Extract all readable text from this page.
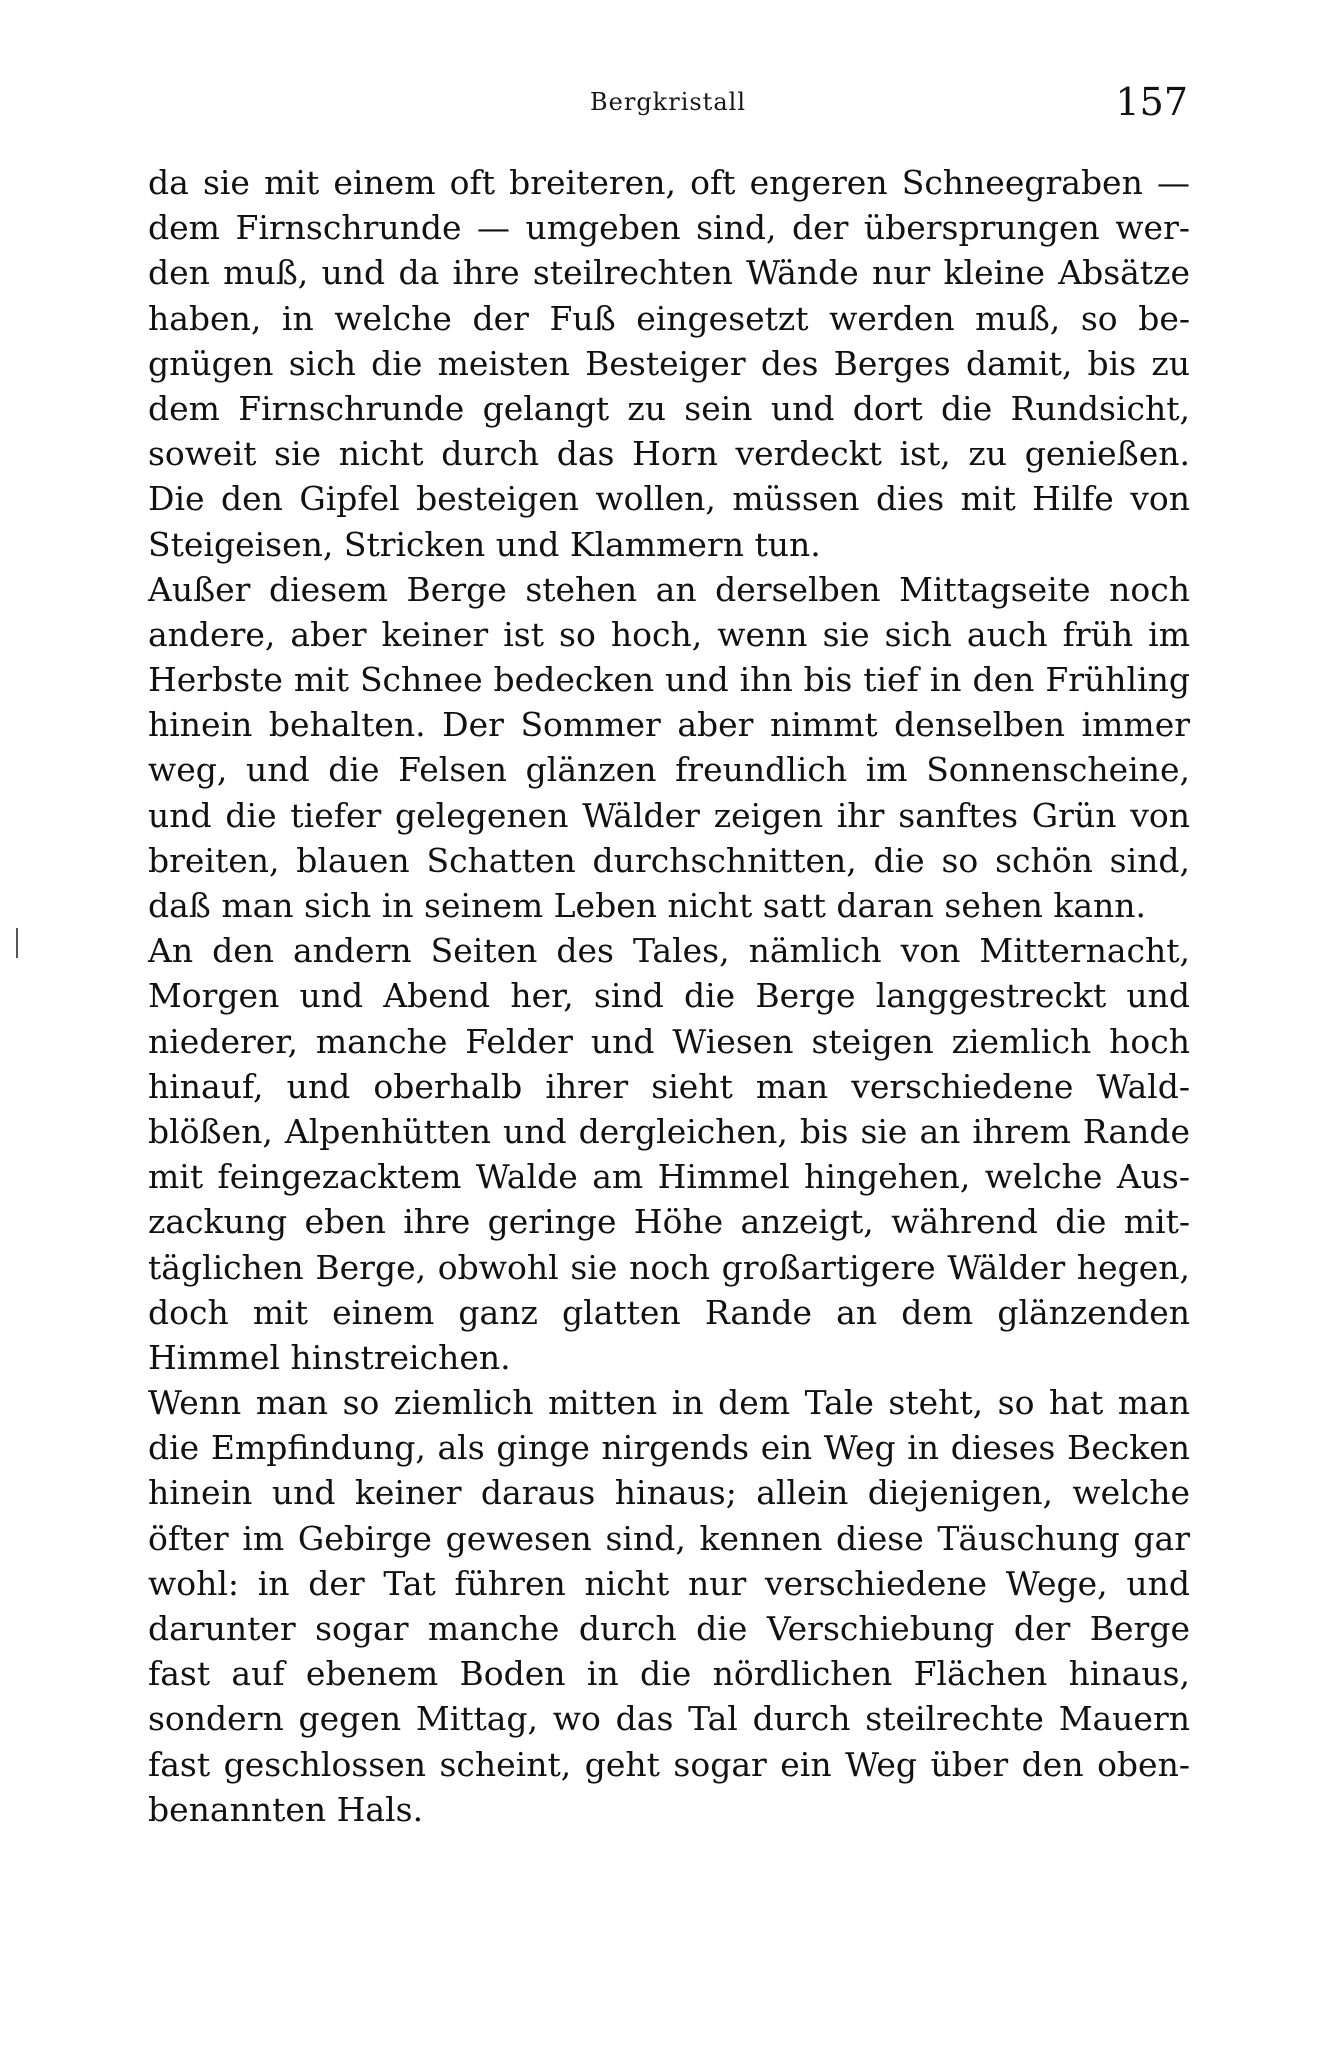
Bergkristall	157
da sie mit einem oft breiteren, oft engeren Schneegraben —
dem Firnschrunde — umgeben sind, der übersprungen wer-
den muß, und da ihre steilrechten Wände nur kleine Absätze
haben, in welche der Fuß eingesetzt werden muß, so be-
gnügen sich die meisten Besteiger des Berges damit, bis zu
dem Firnschrunde gelangt zu sein und dort die Rundsicht,
soweit sie nicht durch das Horn verdeckt ist, zu genießen.
Die den Gipfel besteigen wollen, müssen dies mit Hilfe von
Steigeisen, Stricken und Klammern tun.
Außer diesem Berge stehen an derselben Mittagseite noch
andere, aber keiner ist so hoch, wenn sie sich auch früh im
Herbste mit Schnee bedecken und ihn bis tief in den Frühling
hinein behalten. Der Sommer aber nimmt denselben immer
weg, und die Felsen glänzen freundlich im Sonnenscheine,
und die tiefer gelegenen Wälder zeigen ihr sanftes Grün von
breiten, blauen Schatten durchschnitten, die so schön sind,
daß man sich in seinem Leben nicht satt daran sehen kann.
An den andern Seiten des Tales, nämlich von Mitternacht,
Morgen und Abend her, sind die Berge langgestreckt und
niederer, manche Felder und Wiesen steigen ziemlich hoch
hinauf, und oberhalb ihrer sieht man verschiedene Wald-
blößen, Alpenhütten und dergleichen, bis sie an ihrem Rande
mit feingezacktem Walde am Himmel hingehen, welche Aus-
zackung eben ihre geringe Höhe anzeigt, während die mit-
täglichen Berge, obwohl sie noch großartigere Wälder hegen,
doch mit einem ganz glatten Rande an dem glänzenden
Himmel hinstreichen.
Wenn man so ziemlich mitten in dem Tale steht, so hat man
die Empfindung, als ginge nirgends ein Weg in dieses Becken
hinein und keiner daraus hinaus; allein diejenigen, welche
öfter im Gebirge gewesen sind, kennen diese Täuschung gar
wohl: in der Tat führen nicht nur verschiedene Wege, und
darunter sogar manche durch die Verschiebung der Berge
fast auf ebenem Boden in die nördlichen Flächen hinaus,
sondern gegen Mittag, wo das Tal durch steilrechte Mauern
fast geschlossen scheint, geht sogar ein Weg über den oben-
benannten Hals.
